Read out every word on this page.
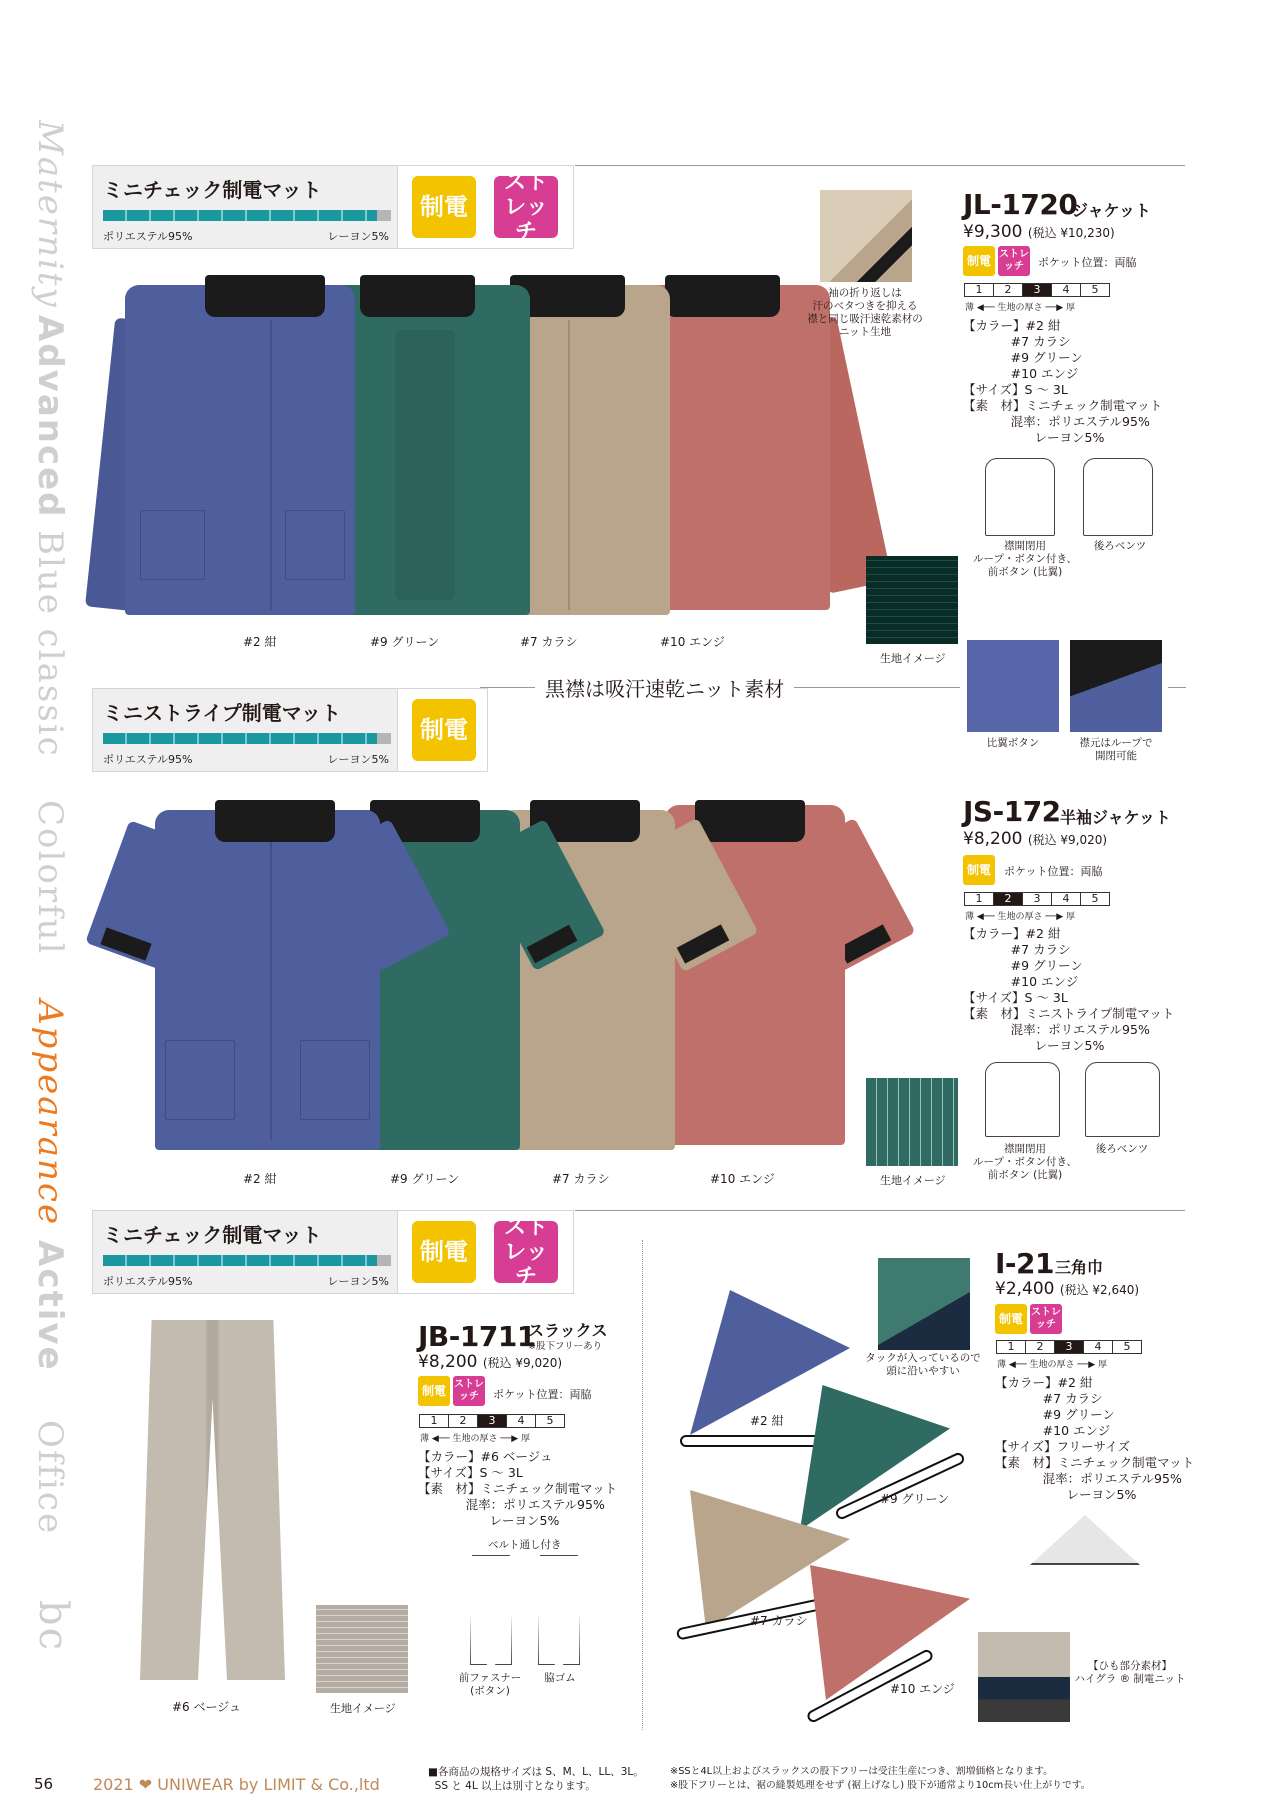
Maternity
Advanced
Blue classic
Colorful
Appearance
Active
Office
bc
ミニチェック制電マット
ポリエステル95%	レーヨン5%
制電
ストレッチ
#2 紺	#9 グリーン	#7 カラシ	#10 エンジ
袖の折り返しは
汗のベタつきを抑える
襟と同じ吸汗速乾素材の
ニット生地
JL-1720
ジャケット
¥9,300 (税込 ¥10,230)
制電 ストレッチ	ポケット位置：両脇
1	2	3	4	5
薄 ◀── 生地の厚さ ──▶ 厚
【カラー】#2 紺
#7 カラシ
#9 グリーン
#10 エンジ
【サイズ】S ～ 3L
【素　材】ミニチェック制電マット
混率：ポリエステル95%
レーヨン5%
襟開閉用
ループ・ボタン付き、
前ボタン (比翼)
後ろベンツ
生地イメージ
比翼ボタン	襟元はループで
開閉可能
黒襟は吸汗速乾ニット素材
ミニストライプ制電マット
ポリエステル95%	レーヨン5%
制電
#2 紺	#9 グリーン	#7 カラシ	#10 エンジ
JS-172 半袖ジャケット
¥8,200 (税込 ¥9,020)
制電	ポケット位置：両脇
1	2	3	4	5
薄 ◀── 生地の厚さ ──▶ 厚
【カラー】#2 紺
#7 カラシ
#9 グリーン
#10 エンジ
【サイズ】S ～ 3L
【素　材】ミニストライプ制電マット
混率：ポリエステル95%
レーヨン5%
襟開閉用
ループ・ボタン付き、
前ボタン (比翼)
後ろベンツ
生地イメージ
ミニチェック制電マット
ポリエステル95%	レーヨン5%
制電
ストレッチ
#6 ベージュ	生地イメージ
JB-1711
スラックス
※股下フリーあり
¥8,200 (税込 ¥9,020)
制電 ストレッチ	ポケット位置：両脇
1	2	3	4	5
薄 ◀── 生地の厚さ ──▶ 厚
【カラー】#6 ベージュ
【サイズ】S ～ 3L
【素　材】ミニチェック制電マット
混率：ポリエステル95%
レーヨン5%
ベルト通し付き
前ファスナー
(ボタン)
脇ゴム
#2 紺
#9 グリーン
#7 カラシ
#10 エンジ
タックが入っているので
頭に沿いやすい
I-21 三角巾
¥2,400 (税込 ¥2,640)
制電 ストレッチ
1	2	3	4	5
薄 ◀── 生地の厚さ ──▶ 厚
【カラー】#2 紺
#7 カラシ
#9 グリーン
#10 エンジ
【サイズ】フリーサイズ
【素　材】ミニチェック制電マット
混率：ポリエステル95%
レーヨン5%
【ひも部分素材】
ハイグラ ® 制電ニット
56 2021 ❤ UNIWEAR by LIMIT & Co.,ltd
■各商品の規格サイズは S、M、L、LL、3L。
SS と 4L 以上は別寸となります。
※SSと4L以上およびスラックスの股下フリーは受注生産につき、割増価格となります。
※股下フリーとは、裾の縫製処理をせず (裾上げなし) 股下が通常より10cm長い仕上がりです。
